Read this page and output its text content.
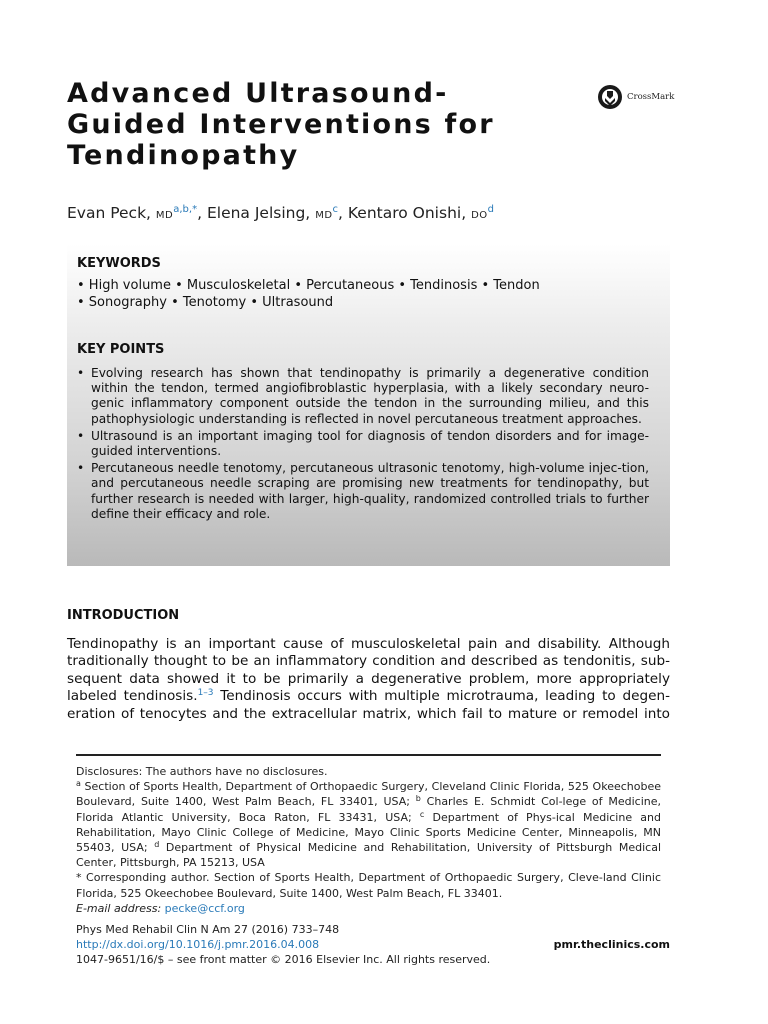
Advanced Ultrasound-
Guided Interventions for
Tendinopathy
CrossMark
Evan Peck, $MD^{a,b,*}$, Elena Jelsing, $MD^c$, Kentaro Onishi, $DO^d$
KEYWORDS
• High volume • Musculoskeletal • Percutaneous • Tendinosis • Tendon
• Sonography • Tenotomy • Ultrasound
KEY POINTS
• Evolving research has shown that tendinopathy is primarily a degenerative condition within the tendon, termed angiofibroblastic hyperplasia, with a likely secondary neuro-genic inflammatory component outside the tendon in the surrounding milieu, and this pathophysiologic understanding is reflected in novel percutaneous treatment approaches.
• Ultrasound is an important imaging tool for diagnosis of tendon disorders and for image-guided interventions.
• Percutaneous needle tenotomy, percutaneous ultrasonic tenotomy, high-volume injec-tion, and percutaneous needle scraping are promising new treatments for tendinopathy, but further research is needed with larger, high-quality, randomized controlled trials to further define their efficacy and role.
INTRODUCTION

Tendinopathy is an important cause of musculoskeletal pain and disability. Although traditionally thought to be an inflammatory condition and described as tendonitis, sub-sequent data showed it to be primarily a degenerative problem, more appropriately labeled tendinosis.$^{1-3}$ Tendinosis occurs with multiple microtrauma, leading to degen-eration of tenocytes and the extracellular matrix, which fail to mature or remodel into

Disclosures: The authors have no disclosures.

$^a$ Section of Sports Health, Department of Orthopaedic Surgery, Cleveland Clinic Florida, 525 Okeechobee Boulevard, Suite 1400, West Palm Beach, FL 33401, USA; $^b$ Charles E. Schmidt Col-lege of Medicine, Florida Atlantic University, Boca Raton, FL 33431, USA; $^c$ Department of Phys-ical Medicine and Rehabilitation, Mayo Clinic College of Medicine, Mayo Clinic Sports Medicine Center, Minneapolis, MN 55403, USA; $^d$ Department of Physical Medicine and Rehabilitation, University of Pittsburgh Medical Center, Pittsburgh, PA 15213, USA

* Corresponding author. Section of Sports Health, Department of Orthopaedic Surgery, Cleve-land Clinic Florida, 525 Okeechobee Boulevard, Suite 1400, West Palm Beach, FL 33401.

E-mail address: pecke@ccf.org

Phys Med Rehabil Clin N Am 27 (2016) 733–748
http://dx.doi.org/10.1016/j.pmr.2016.04.008	pmr.theclinics.com
1047-9651/16/$ – see front matter © 2016 Elsevier Inc. All rights reserved.
